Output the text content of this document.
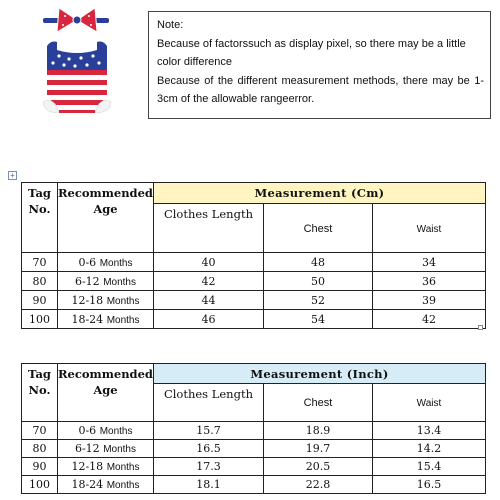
Note:

Because of factorssuch as display pixel, so there may be a little color difference

Because of the different measurement methods, there may be 1-3cm of the allowable rangeerror.

+
Tag No.	Recommended Age	Measurement (Cm)		
		Clothes Length	Chest	Waist
70	0-6 Months	40	48	34
80	6-12 Months	42	50	36
90	12-18 Months	44	52	39
100	18-24 Months	46	54	42
Tag No.	Recommended Age	Measurement (Inch)		
		Clothes Length	Chest	Waist
70	0-6 Months	15.7	18.9	13.4
80	6-12 Months	16.5	19.7	14.2
90	12-18 Months	17.3	20.5	15.4
100	18-24 Months	18.1	22.8	16.5
